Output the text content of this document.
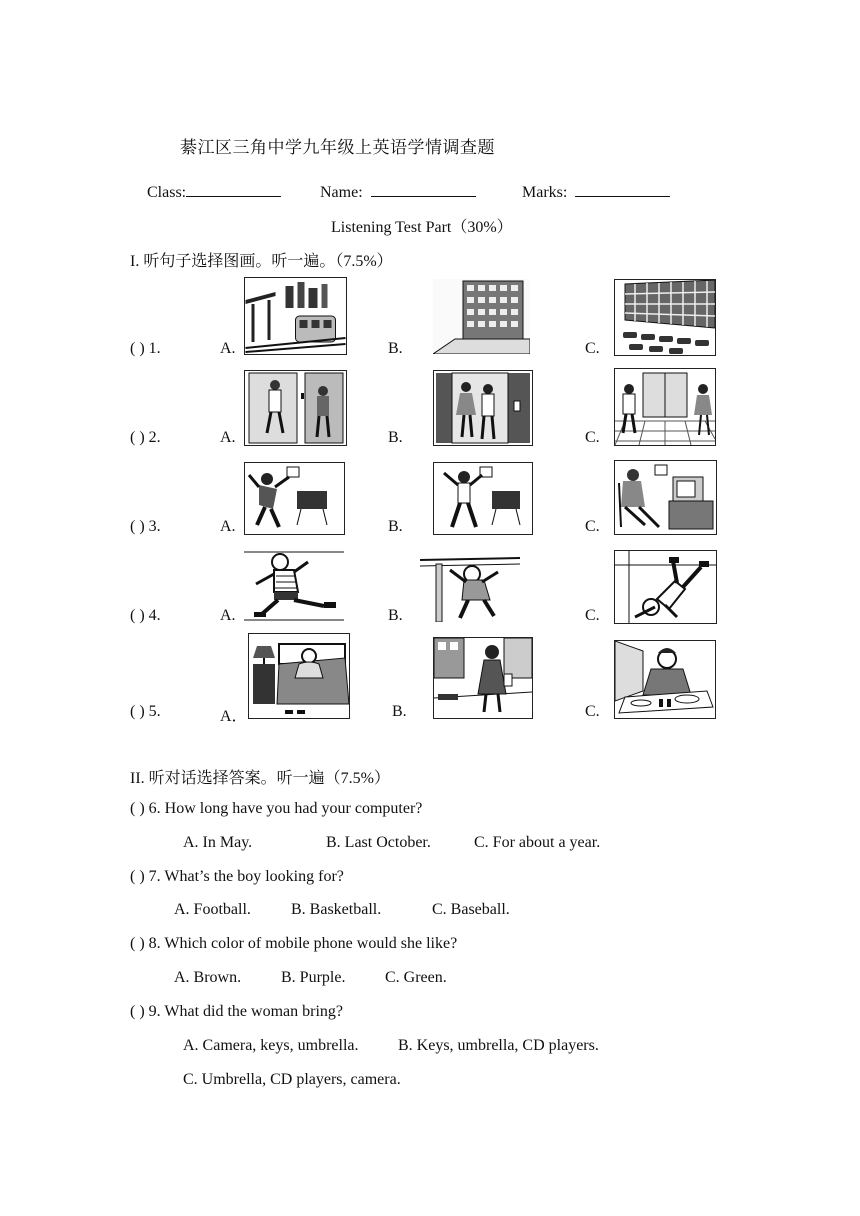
綦江区三角中学九年级上英语学情调查题
Class:	Name:	Marks:
Listening Test Part（30%）
I. 听句子选择图画。听一遍。（7.5%）
( ) 1.	A.	B.	C.
( ) 2.	A.	B.	C.
( ) 3.	A.	B.	C.
( ) 4.	A.	B.	C.
( ) 5.	A．	B.	C.
II. 听对话选择答案。听一遍（7.5%）
( ) 6. How long have you had your computer?
A. In May.	B. Last October.	C. For about a year.
( ) 7. What’s the boy looking for?
A. Football.	B. Basketball.	C. Baseball.
( ) 8. Which color of mobile phone would she like?
A. Brown. B. Purple. C. Green.
( ) 9. What did the woman bring?
A. Camera, keys, umbrella. B. Keys, umbrella, CD players.
C. Umbrella, CD players, camera.
